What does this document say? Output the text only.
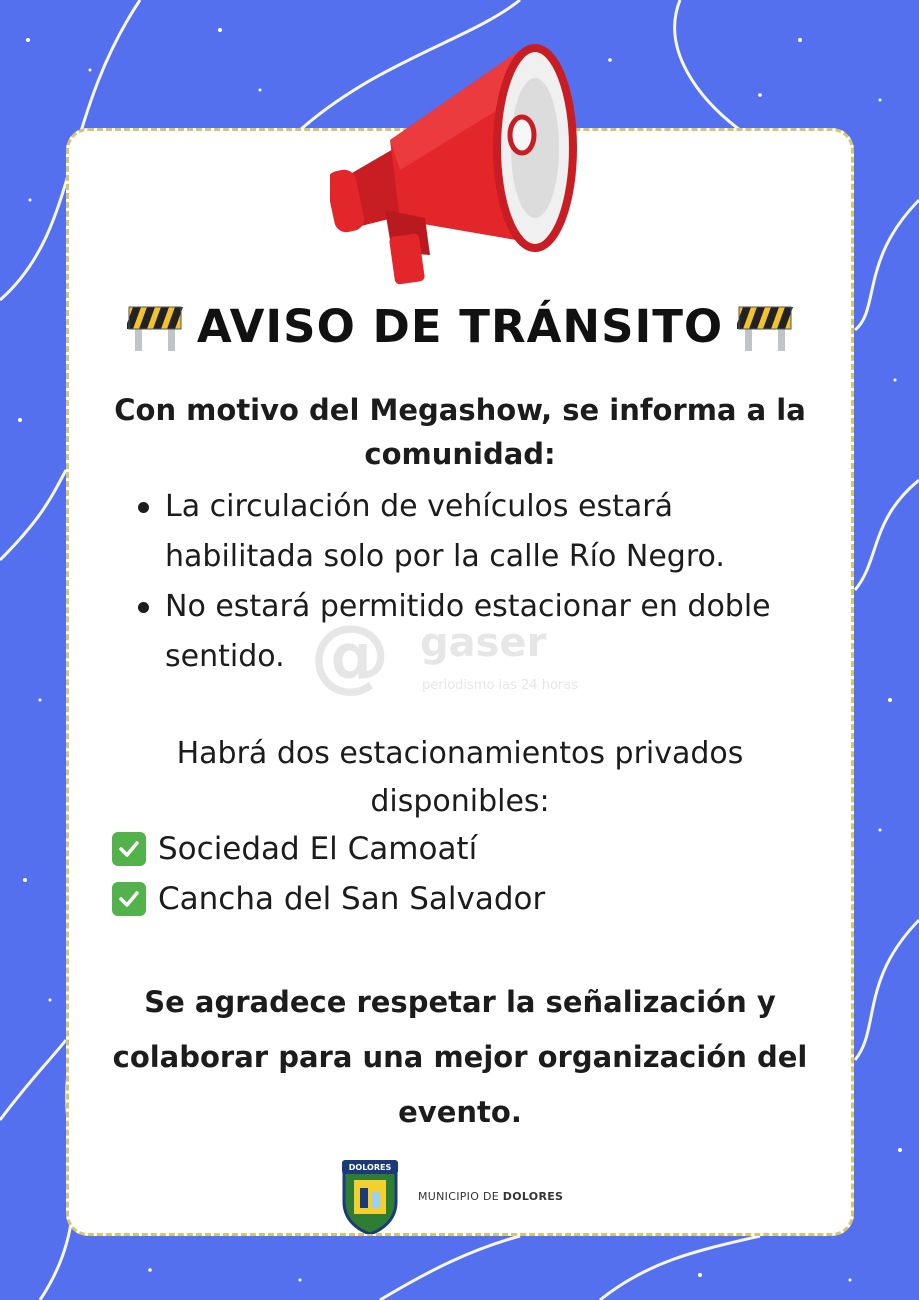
AVISO DE TRÁNSITO
Con motivo del Megashow, se informa a la comunidad:
La circulación de vehículos estará habilitada solo por la calle Río Negro.
No estará permitido estacionar en doble sentido.
Habrá dos estacionamientos privados disponibles:
Sociedad El Camoatí
Cancha del San Salvador
Se agradece respetar la señalización y colaborar para una mejor organización del evento.
@ gaser
periodismo las 24 horas
DOLORES
MUNICIPIO DE DOLORES
